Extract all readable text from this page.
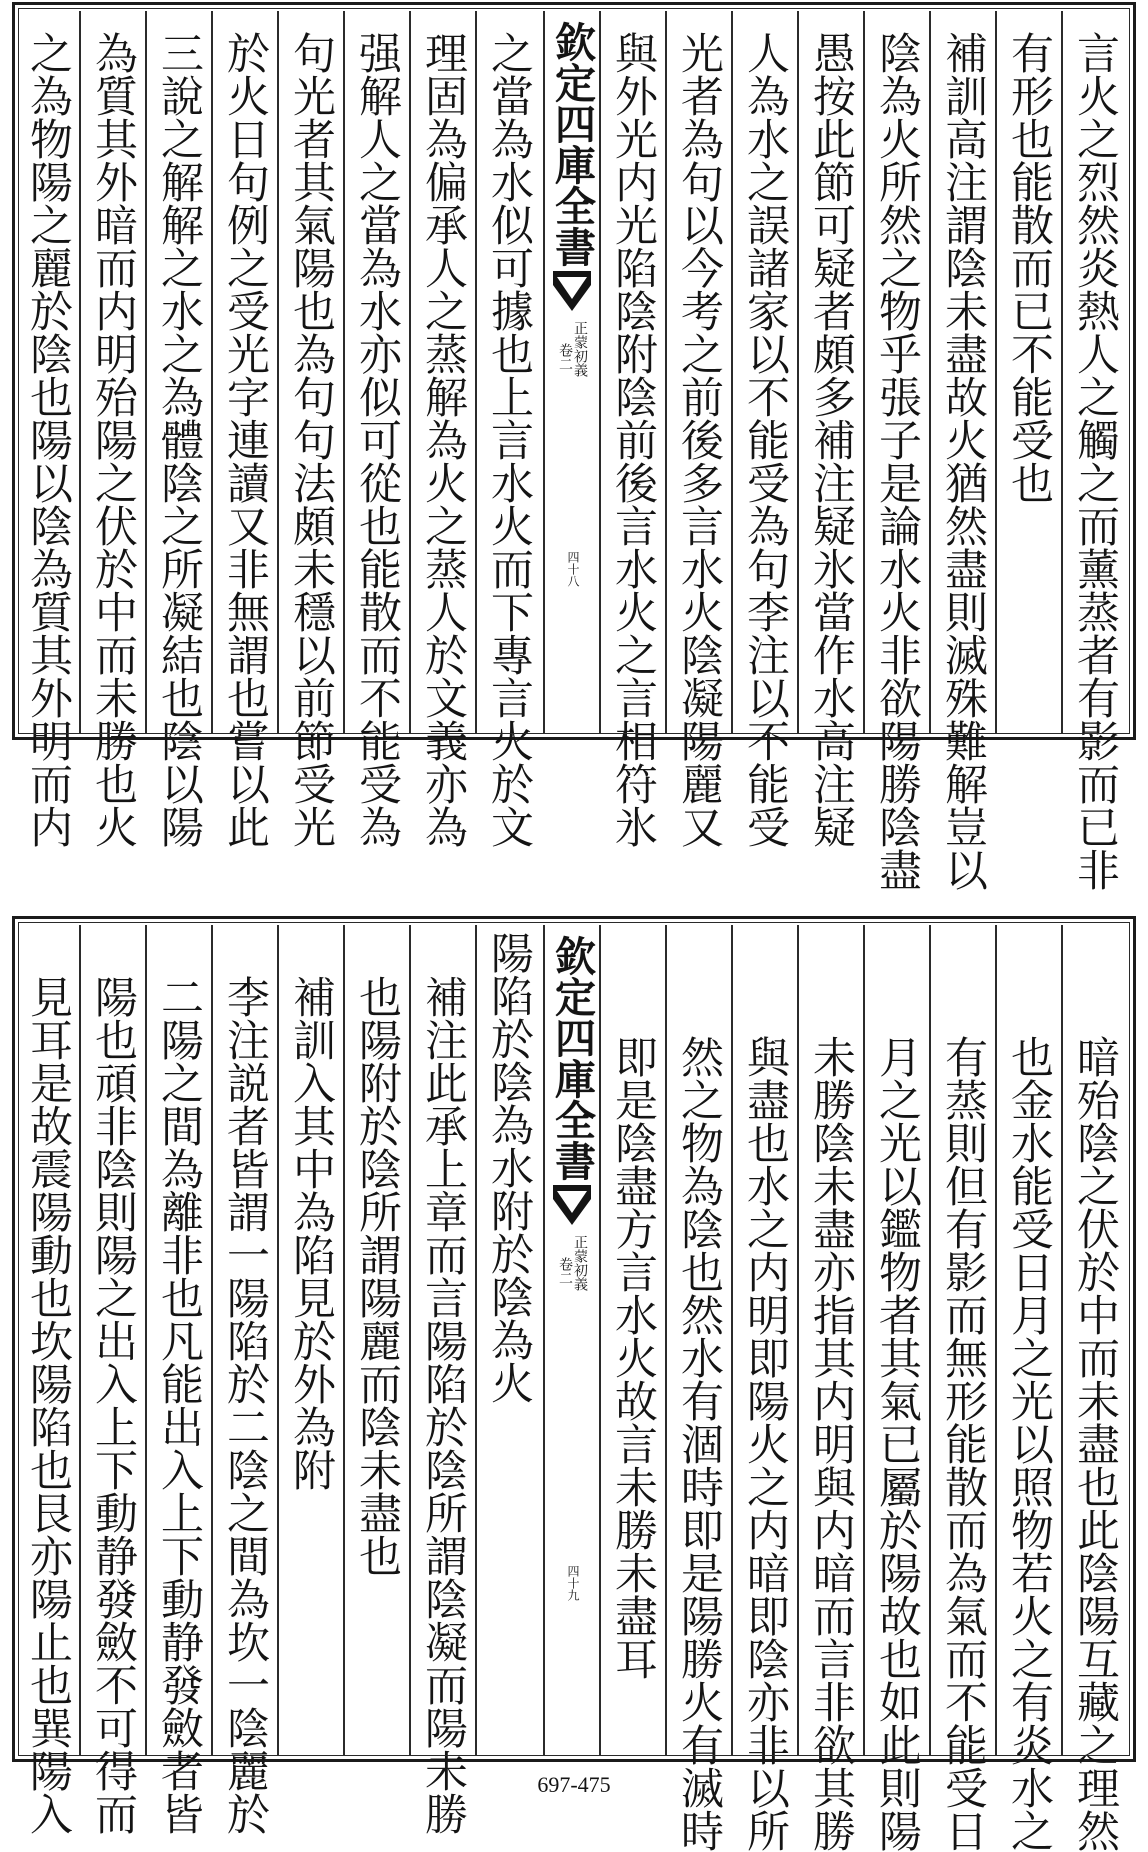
言火之烈然炎熱人之觸之而薰蒸者有影而已非
有形也能散而已不能受也
補訓高注謂陰未盡故火猶然盡則滅殊難解豈以
陰為火所然之物乎張子是論水火非欲陽勝陰盡
愚按此節可疑者頗多補注疑氷當作水高注疑
人為水之誤諸家以不能受為句李注以不能受
光者為句以今考之前後多言水火陰凝陽麗又
與外光内光陷陰附陰前後言水火之言相符氷
欽定四庫全書
正蒙初義
卷二
四十八
之當為水似可據也上言水火而下專言火於文
理固為偏承人之蒸解為火之蒸人於文義亦為
强解人之當為水亦似可從也能散而不能受為
句光者其氣陽也為句句法頗未穩以前節受光
於火日句例之受光字連讀又非無謂也嘗以此
三說之解解之水之為體陰之所凝結也陰以陽
為質其外暗而内明殆陽之伏於中而未勝也火
之為物陽之麗於陰也陽以陰為質其外明而内
暗殆陰之伏於中而未盡也此陰陽互藏之理然
也金水能受日月之光以照物若火之有炎水之
有蒸則但有影而無形能散而為氣而不能受日
月之光以鑑物者其氣已屬於陽故也如此則陽
未勝陰未盡亦指其内明與内暗而言非欲其勝
與盡也水之内明即陽火之内暗即陰亦非以所
然之物為陰也然水有涸時即是陽勝火有滅時
即是陰盡方言水火故言未勝未盡耳
欽定四庫全書
正蒙初義
卷二
四十九
陽陷於陰為水附於陰為火
補注此承上章而言陽陷於陰所謂陰凝而陽未勝
也陽附於陰所謂陽麗而陰未盡也
補訓入其中為陷見於外為附
李注説者皆謂一陽陷於二陰之間為坎一陰麗於
二陽之間為離非也凡能出入上下動静發斂者皆
陽也頑非陰則陽之出入上下動静發斂不可得而
見耳是故震陽動也坎陽陷也艮亦陽止也巽陽入	697-475
